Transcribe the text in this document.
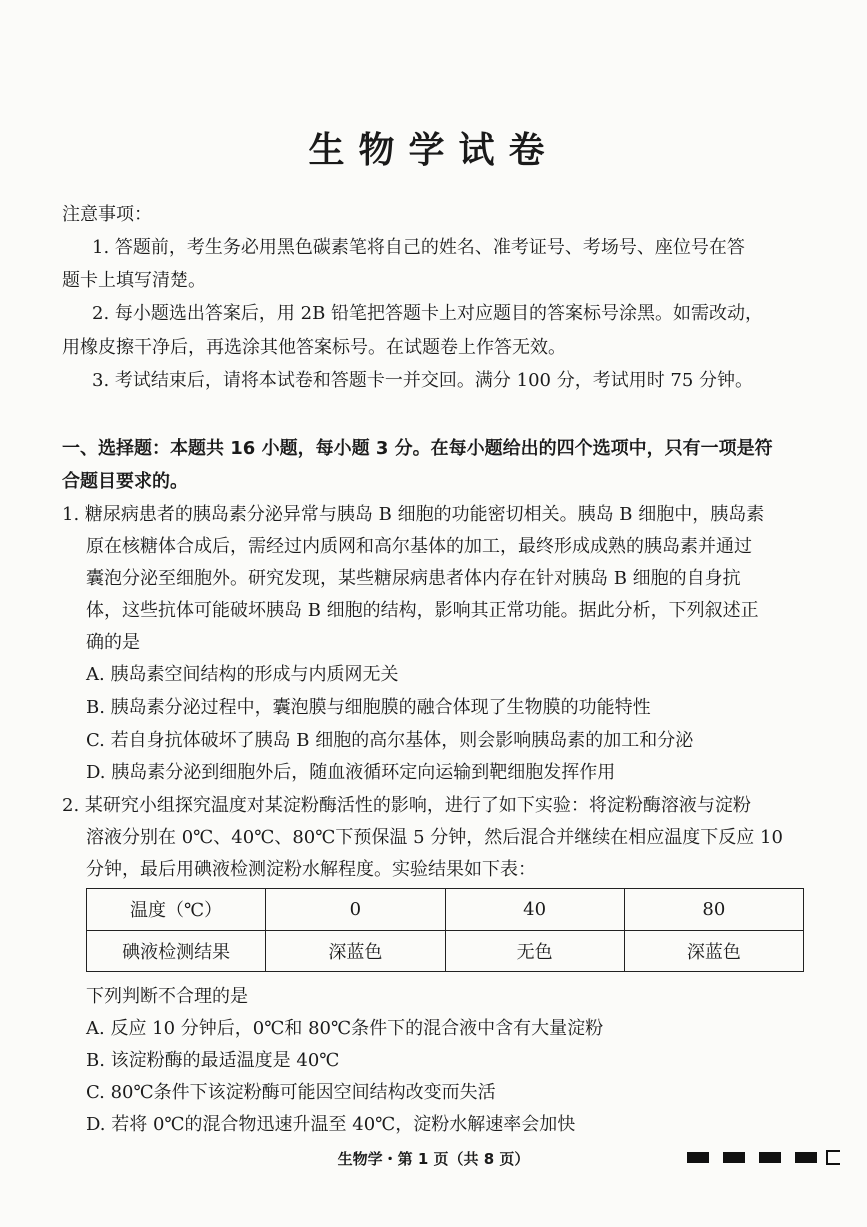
生物学试卷
注意事项：
1. 答题前，考生务必用黑色碳素笔将自己的姓名、准考证号、考场号、座位号在答
题卡上填写清楚。
2. 每小题选出答案后，用 2B 铅笔把答题卡上对应题目的答案标号涂黑。如需改动，
用橡皮擦干净后，再选涂其他答案标号。在试题卷上作答无效。
3. 考试结束后，请将本试卷和答题卡一并交回。满分 100 分，考试用时 75 分钟。
一、选择题：本题共 16 小题，每小题 3 分。在每小题给出的四个选项中，只有一项是符
合题目要求的。
1. 糖尿病患者的胰岛素分泌异常与胰岛 B 细胞的功能密切相关。胰岛 B 细胞中，胰岛素
原在核糖体合成后，需经过内质网和高尔基体的加工，最终形成成熟的胰岛素并通过
囊泡分泌至细胞外。研究发现，某些糖尿病患者体内存在针对胰岛 B 细胞的自身抗
体，这些抗体可能破坏胰岛 B 细胞的结构，影响其正常功能。据此分析，下列叙述正
确的是
A. 胰岛素空间结构的形成与内质网无关
B. 胰岛素分泌过程中，囊泡膜与细胞膜的融合体现了生物膜的功能特性
C. 若自身抗体破坏了胰岛 B 细胞的高尔基体，则会影响胰岛素的加工和分泌
D. 胰岛素分泌到细胞外后，随血液循环定向运输到靶细胞发挥作用
2. 某研究小组探究温度对某淀粉酶活性的影响，进行了如下实验：将淀粉酶溶液与淀粉
溶液分别在 0℃、40℃、80℃下预保温 5 分钟，然后混合并继续在相应温度下反应 10
分钟，最后用碘液检测淀粉水解程度。实验结果如下表：
温度（℃）	0	40	80
碘液检测结果	深蓝色	无色	深蓝色
下列判断不合理的是
A. 反应 10 分钟后，0℃和 80℃条件下的混合液中含有大量淀粉
B. 该淀粉酶的最适温度是 40℃
C. 80℃条件下该淀粉酶可能因空间结构改变而失活
D. 若将 0℃的混合物迅速升温至 40℃，淀粉水解速率会加快
生物学・第 1 页（共 8 页）
